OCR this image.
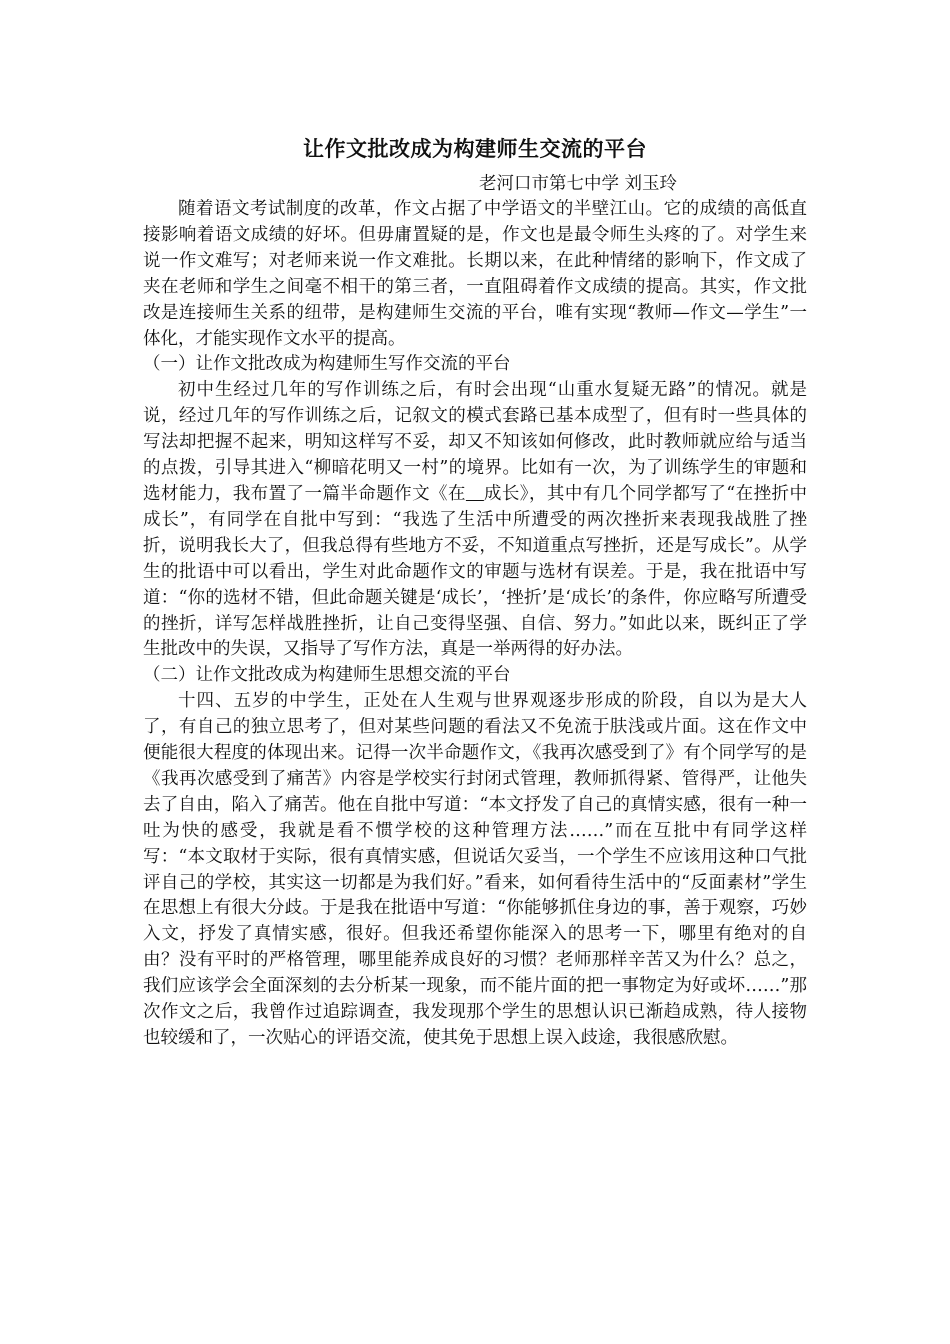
让作文批改成为构建师生交流的平台

老河口市第七中学 刘玉玲

随着语文考试制度的改革，作文占据了中学语文的半壁江山。它的成绩的高低直接影响着语文成绩的好坏。但毋庸置疑的是，作文也是最令师生头疼的了。对学生来说一作文难写；对老师来说一作文难批。长期以来，在此种情绪的影响下，作文成了夹在老师和学生之间毫不相干的第三者，一直阻碍着作文成绩的提高。其实，作文批改是连接师生关系的纽带，是构建师生交流的平台，唯有实现“教师—作文—学生”一体化，才能实现作文水平的提高。

（一）让作文批改成为构建师生写作交流的平台

初中生经过几年的写作训练之后，有时会出现“山重水复疑无路”的情况。就是说，经过几年的写作训练之后，记叙文的模式套路已基本成型了，但有时一些具体的写法却把握不起来，明知这样写不妥，却又不知该如何修改，此时教师就应给与适当的点拨，引导其进入“柳暗花明又一村”的境界。比如有一次，为了训练学生的审题和选材能力，我布置了一篇半命题作文《在 成长》，其中有几个同学都写了“在挫折中成长”，有同学在自批中写到：“我选了生活中所遭受的两次挫折来表现我战胜了挫折，说明我长大了，但我总得有些地方不妥，不知道重点写挫折，还是写成长”。从学生的批语中可以看出，学生对此命题作文的审题与选材有误差。于是，我在批语中写道：“你的选材不错，但此命题关键是‘成长’，‘挫折’是‘成长’的条件，你应略写所遭受的挫折，详写怎样战胜挫折，让自己变得坚强、自信、努力。”如此以来，既纠正了学生批改中的失误，又指导了写作方法，真是一举两得的好办法。

（二）让作文批改成为构建师生思想交流的平台

十四、五岁的中学生，正处在人生观与世界观逐步形成的阶段，自以为是大人了，有自己的独立思考了，但对某些问题的看法又不免流于肤浅或片面。这在作文中便能很大程度的体现出来。记得一次半命题作文，《我再次感受到了》有个同学写的是《我再次感受到了痛苦》内容是学校实行封闭式管理，教师抓得紧、管得严，让他失去了自由，陷入了痛苦。他在自批中写道：“本文抒发了自己的真情实感，很有一种一吐为快的感受，我就是看不惯学校的这种管理方法……”而在互批中有同学这样写：“本文取材于实际，很有真情实感，但说话欠妥当，一个学生不应该用这种口气批评自己的学校，其实这一切都是为我们好。”看来，如何看待生活中的“反面素材”学生在思想上有很大分歧。于是我在批语中写道：“你能够抓住身边的事，善于观察，巧妙入文，抒发了真情实感，很好。但我还希望你能深入的思考一下，哪里有绝对的自由？没有平时的严格管理，哪里能养成良好的习惯？老师那样辛苦又为什么？总之，我们应该学会全面深刻的去分析某一现象，而不能片面的把一事物定为好或坏……”那次作文之后，我曾作过追踪调查，我发现那个学生的思想认识已渐趋成熟，待人接物也较缓和了，一次贴心的评语交流，使其免于思想上误入歧途，我很感欣慰。
